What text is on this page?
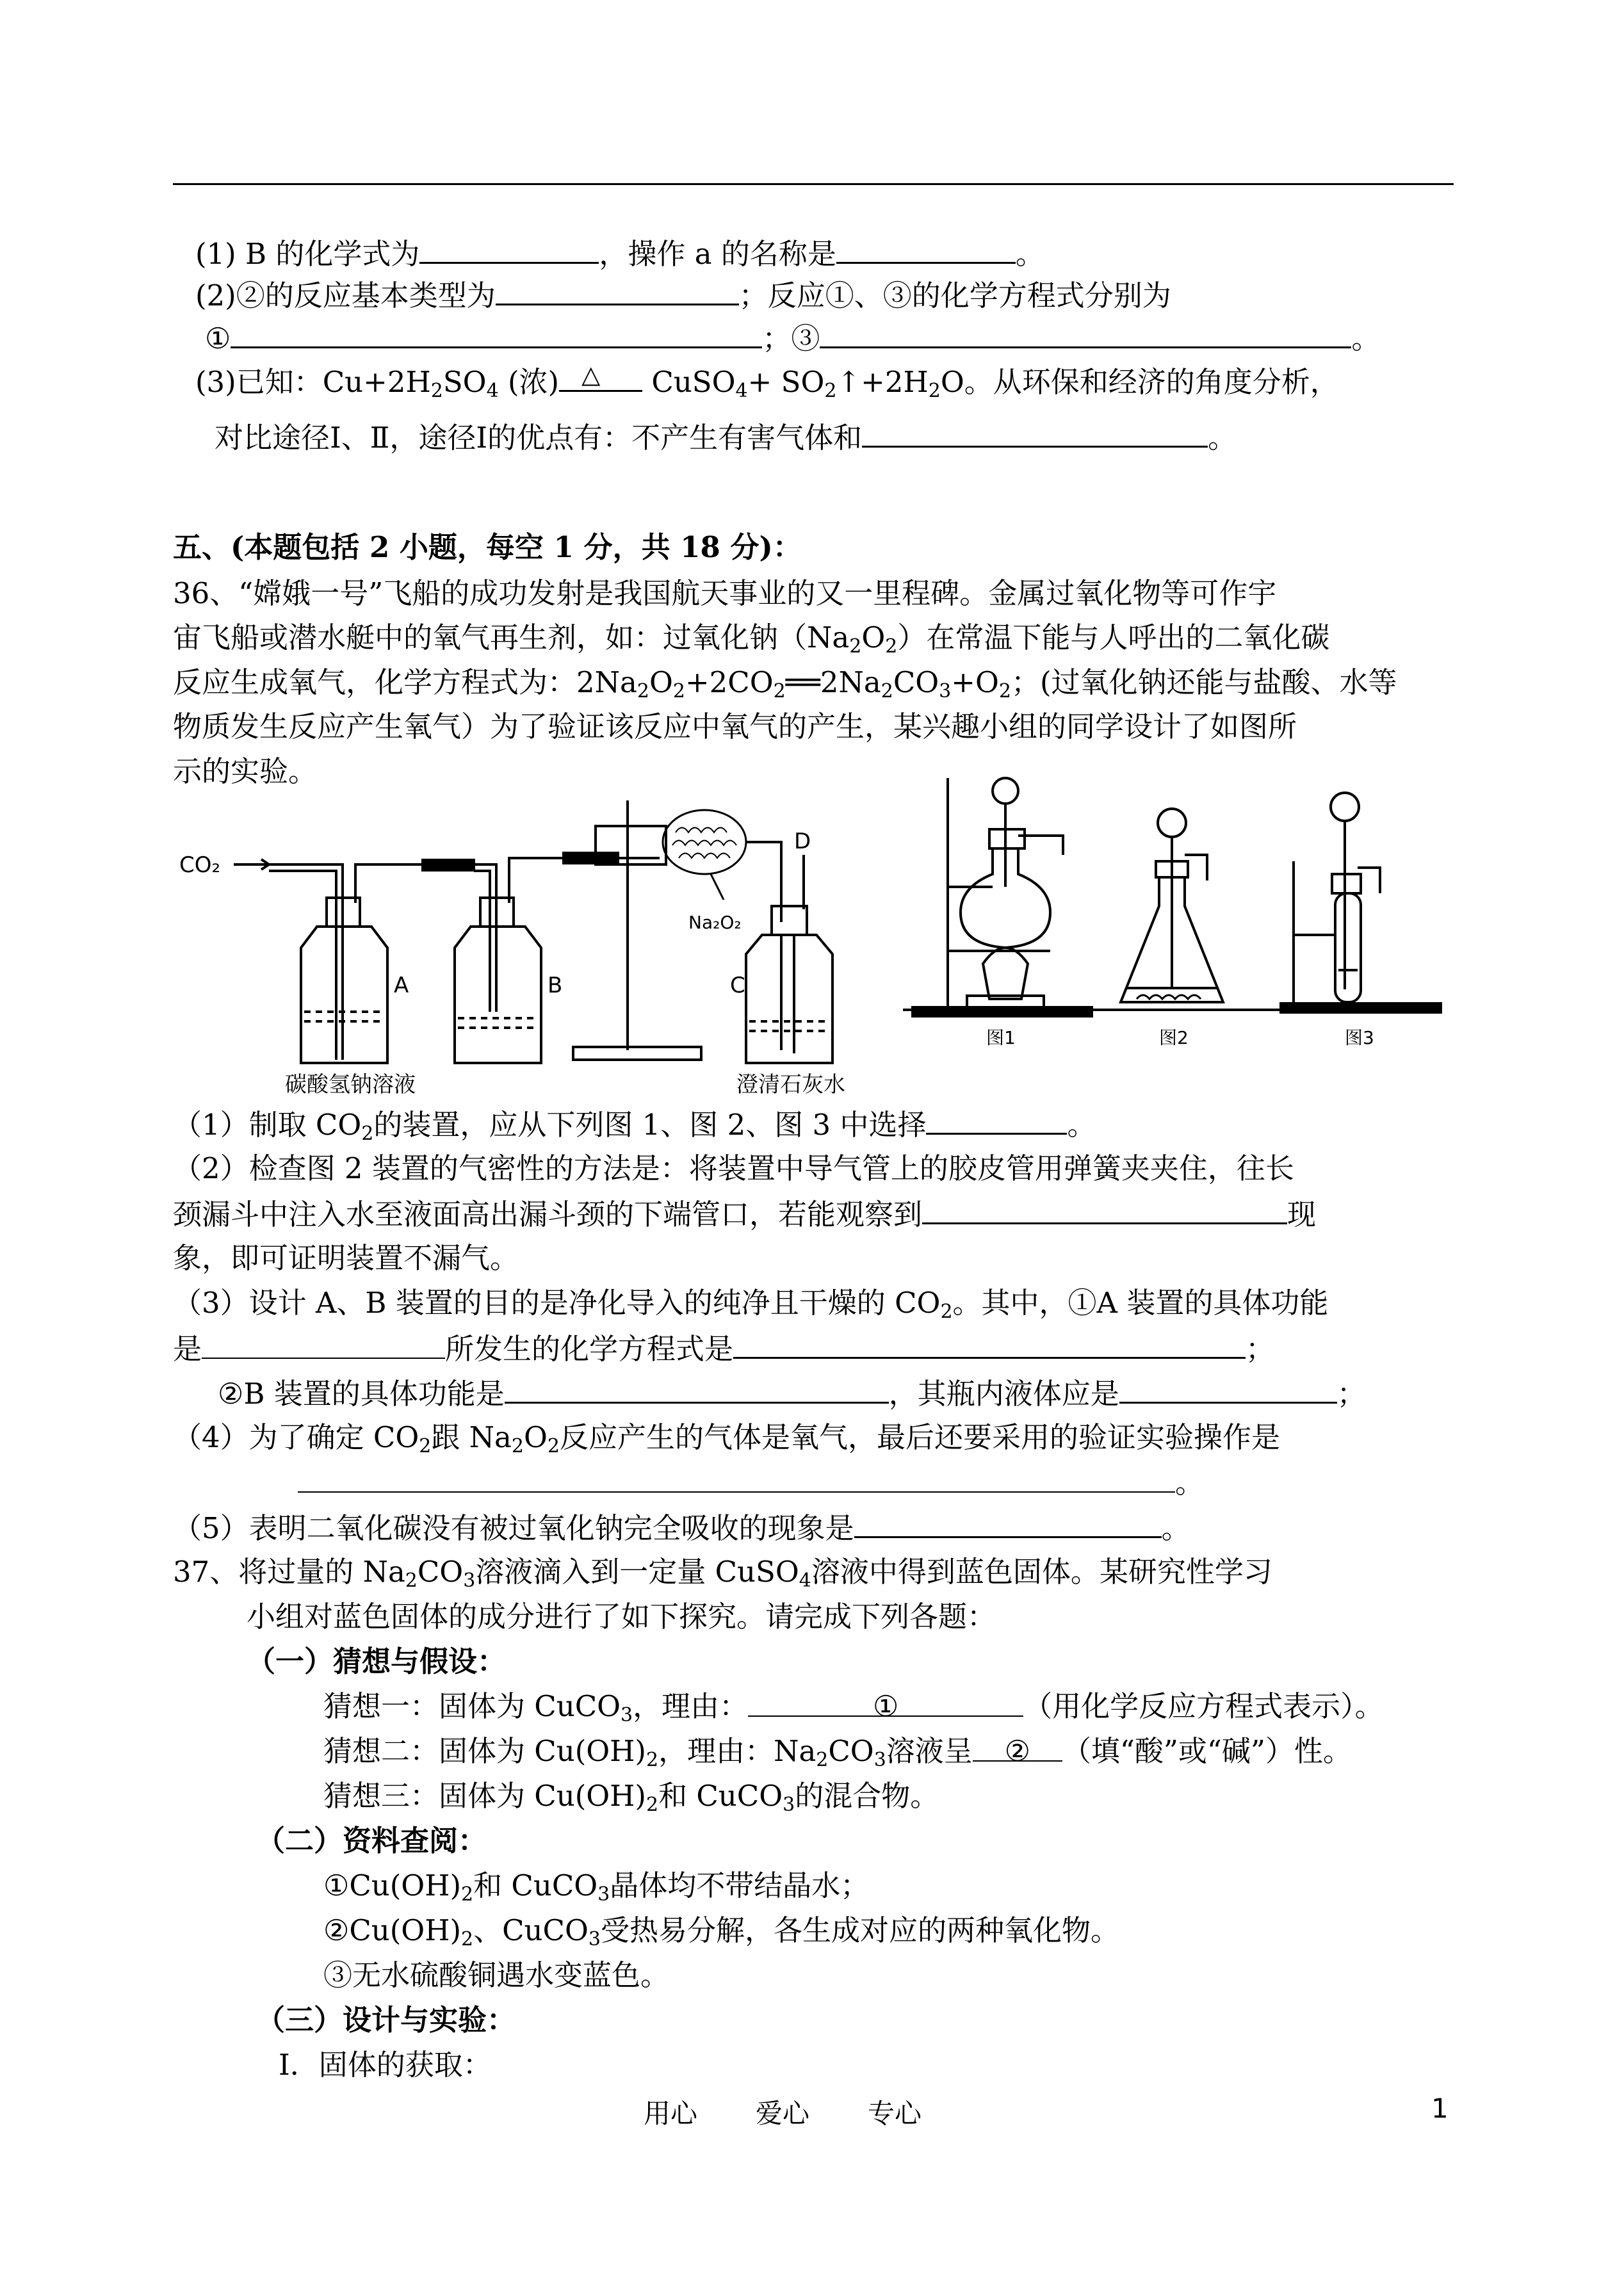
(1) B 的化学式为	，操作 a 的名称是	。
(2)②的反应基本类型为	；反应①、③的化学方程式分别为
①	；③	。
(3)已知：$Cu+2H_2SO_4$ (浓) △ CuSO$_4$+ $SO_2↑+2H_2O$。从环保和经济的角度分析，
对比途径Ⅰ、Ⅱ，途径Ⅰ的优点有：不产生有害气体和	。
五、(本题包括 2 小题，每空 1 分，共 18 分)：
36、“嫦娥一号”飞船的成功发射是我国航天事业的又一里程碑。金属过氧化物等可作宇
宙飞船或潜水艇中的氧气再生剂，如：过氧化钠$(Na_2O_2)$在常温下能与人呼出的二氧化碳
反应生成氧气，化学方程式为：$2Na_2O_2+2CO_2══2Na_2CO_3+O_2$；(过氧化钠还能与盐酸、水等
物质发生反应产生氧气）为了验证该反应中氧气的产生，某兴趣小组的同学设计了如图所
示的实验。
CO₂
A	B	C
D
Na₂O₂
碳酸氢钠溶液	澄清石灰水
图1	图2	图3
（1）制取 $CO_2$的装置，应从下列图 1、图 2、图 3 中选择	。
（2）检查图 2 装置的气密性的方法是：将装置中导气管上的胶皮管用弹簧夹夹住，往长
颈漏斗中注入水至液面高出漏斗颈的下端管口，若能观察到	现
象，即可证明装置不漏气。
（3）设计 A、B 装置的目的是净化导入的纯净且干燥的 $CO_2$。其中，①A 装置的具体功能
是	所发生的化学方程式是	；
②B 装置的具体功能是	，其瓶内液体应是	；
（4）为了确定 $CO_2$跟 $Na_2O_2$反应产生的气体是氧气，最后还要采用的验证实验操作是
。
（5）表明二氧化碳没有被过氧化钠完全吸收的现象是	。
37、将过量的 $Na_2CO_3$溶液滴入到一定量 CuSO$_4$溶液中得到蓝色固体。某研究性学习
小组对蓝色固体的成分进行了如下探究。请完成下列各题：
（一）猜想与假设：
猜想一：固体为 CuCO$_3$，理由：	①	（用化学反应方程式表示）。
猜想二：固体为 $Cu(OH)_2$，理由：$Na_2CO_3$溶液呈 ② （填“酸”或“碱”）性。
猜想三：固体为 $Cu(OH)_2$和 CuCO$_3$的混合物。
（二）资料查阅：
$①Cu(OH)_2$和 CuCO$_3$晶体均不带结晶水；
$②Cu(OH)_2$、CuCO$_3$受热易分解，各生成对应的两种氧化物。
③无水硫酸铜遇水变蓝色。
（三）设计与实验：
Ⅰ．固体的获取：
用心 爱心 专心	1
